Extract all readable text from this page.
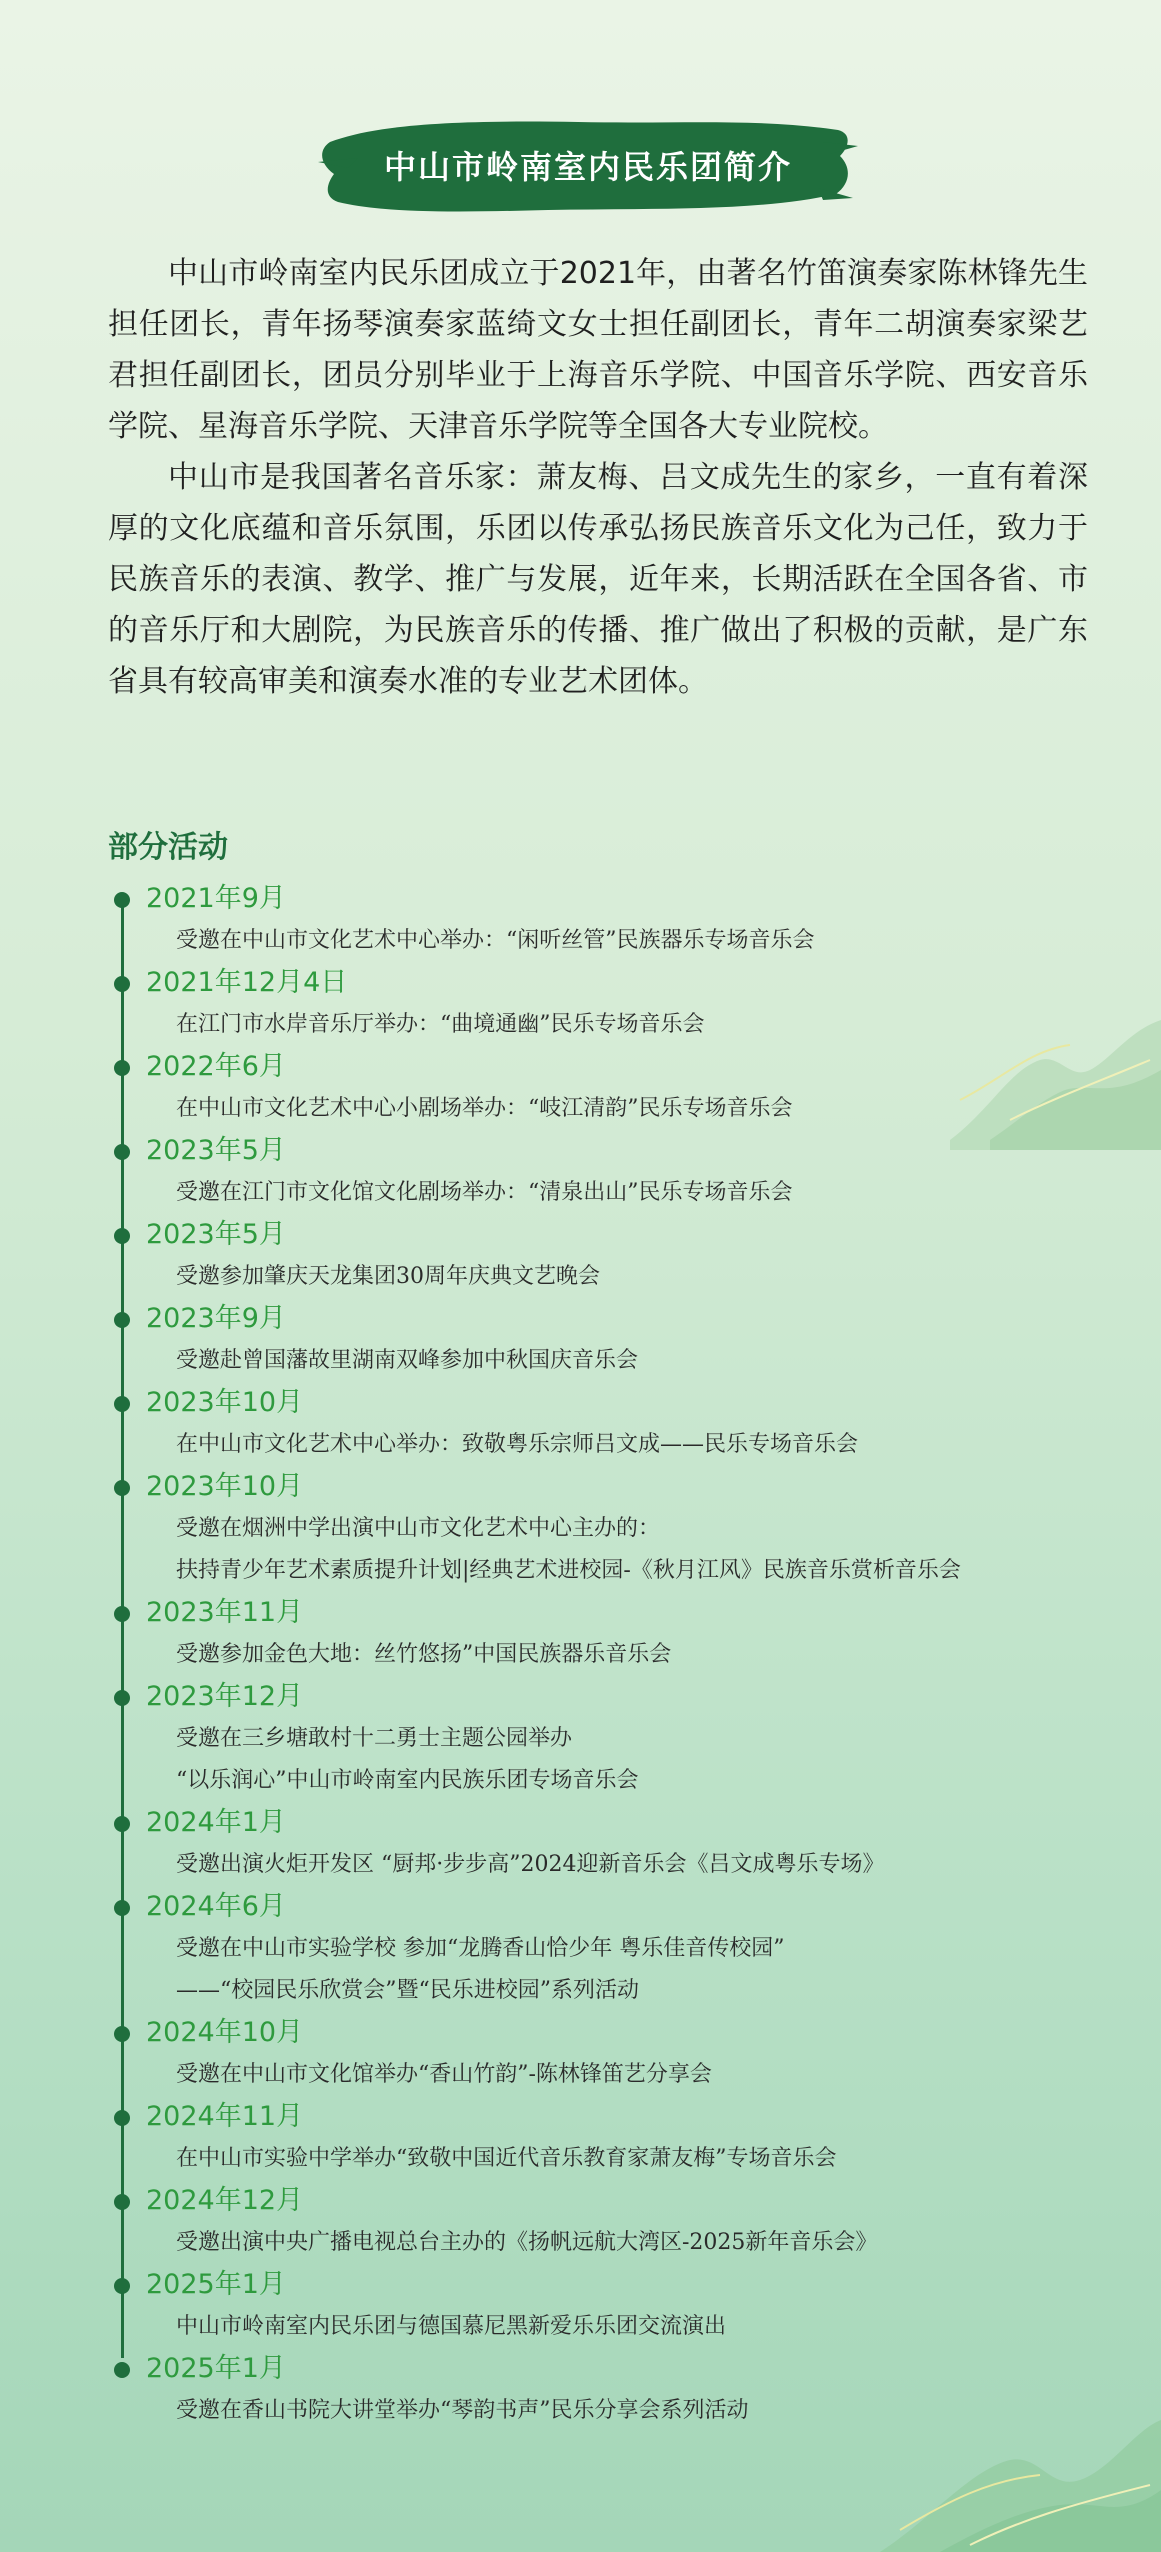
中山市岭南室内民乐团简介

中山市岭南室内民乐团成立于2021年，由著名竹笛演奏家陈林锋先生担任团长，青年扬琴演奏家蓝绮文女士担任副团长，青年二胡演奏家梁艺君担任副团长，团员分别毕业于上海音乐学院、中国音乐学院、西安音乐学院、星海音乐学院、天津音乐学院等全国各大专业院校。

中山市是我国著名音乐家：萧友梅、吕文成先生的家乡，一直有着深厚的文化底蕴和音乐氛围，乐团以传承弘扬民族音乐文化为己任，致力于民族音乐的表演、教学、推广与发展，近年来，长期活跃在全国各省、市的音乐厅和大剧院，为民族音乐的传播、推广做出了积极的贡献，是广东省具有较高审美和演奏水准的专业艺术团体。

部分活动
2021年9月
受邀在中山市文化艺术中心举办：“闲听丝管”民族器乐专场音乐会
2021年12月4日
在江门市水岸音乐厅举办：“曲境通幽”民乐专场音乐会
2022年6月
在中山市文化艺术中心小剧场举办：“岐江清韵”民乐专场音乐会
2023年5月
受邀在江门市文化馆文化剧场举办：“清泉出山”民乐专场音乐会
2023年5月
受邀参加肇庆天龙集团30周年庆典文艺晚会
2023年9月
受邀赴曾国藩故里湖南双峰参加中秋国庆音乐会
2023年10月
在中山市文化艺术中心举办：致敬粤乐宗师吕文成——民乐专场音乐会
2023年10月
受邀在烟洲中学出演中山市文化艺术中心主办的：
扶持青少年艺术素质提升计划|经典艺术进校园-《秋月江风》民族音乐赏析音乐会
2023年11月
受邀参加金色大地：丝竹悠扬”中国民族器乐音乐会
2023年12月
受邀在三乡塘敢村十二勇士主题公园举办
“以乐润心”中山市岭南室内民族乐团专场音乐会
2024年1月
受邀出演火炬开发区 “厨邦·步步高”2024迎新音乐会《吕文成粤乐专场》
2024年6月
受邀在中山市实验学校 参加“龙腾香山恰少年 粤乐佳音传校园”
——“校园民乐欣赏会”暨“民乐进校园”系列活动
2024年10月
受邀在中山市文化馆举办“香山竹韵”-陈林锋笛艺分享会
2024年11月
在中山市实验中学举办“致敬中国近代音乐教育家萧友梅”专场音乐会
2024年12月
受邀出演中央广播电视总台主办的《扬帆远航大湾区-2025新年音乐会》
2025年1月
中山市岭南室内民乐团与德国慕尼黑新爱乐乐团交流演出
2025年1月
受邀在香山书院大讲堂举办“琴韵书声”民乐分享会系列活动
